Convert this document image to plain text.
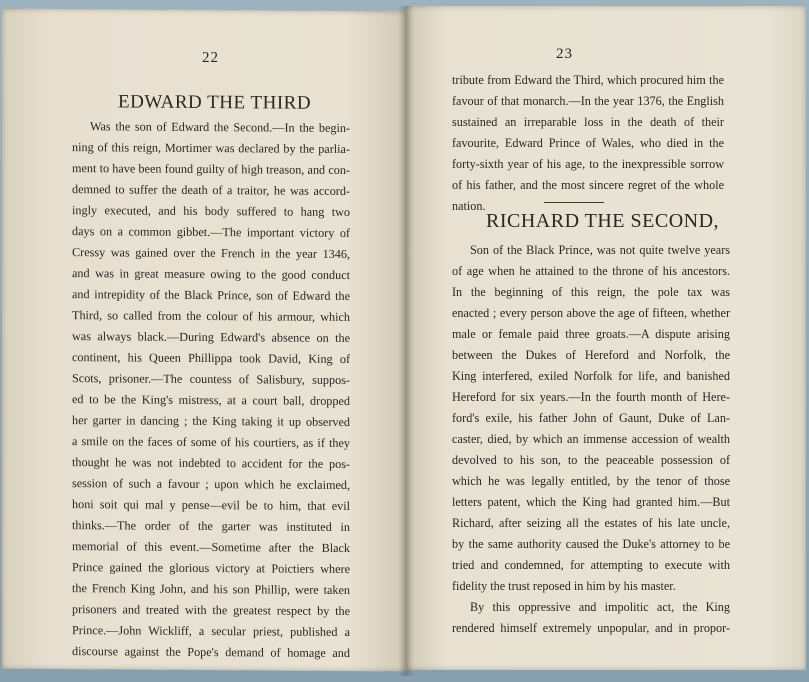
22
EDWARD THE THIRD
Was the son of Edward the Second.—In the begin-
ning of this reign, Mortimer was declared by the parlia-
ment to have been found guilty of high treason, and con-
demned to suffer the death of a traitor, he was accord-
ingly executed, and his body suffered to hang two
days on a common gibbet.—The important victory of
Cressy was gained over the French in the year 1346,
and was in great measure owing to the good conduct
and intrepidity of the Black Prince, son of Edward the
Third, so called from the colour of his armour, which
was always black.—During Edward's absence on the
continent, his Queen Phillippa took David, King of
Scots, prisoner.—The countess of Salisbury, suppos-
ed to be the King's mistress, at a court ball, dropped
her garter in dancing ; the King taking it up observed
a smile on the faces of some of his courtiers, as if they
thought he was not indebted to accident for the pos-
session of such a favour ; upon which he exclaimed,
honi soit qui mal y pense—evil be to him, that evil
thinks.—The order of the garter was instituted in
memorial of this event.—Sometime after the Black
Prince gained the glorious victory at Poictiers where
the French King John, and his son Phillip, were taken
prisoners and treated with the greatest respect by the
Prince.—John Wickliff, a secular priest, published a
discourse against the Pope's demand of homage and
23
tribute from Edward the Third, which procured him the
favour of that monarch.—In the year 1376, the English
sustained an irreparable loss in the death of their
favourite, Edward Prince of Wales, who died in the
forty-sixth year of his age, to the inexpressible sorrow
of his father, and the most sincere regret of the whole
nation.
RICHARD THE SECOND,
Son of the Black Prince, was not quite twelve years
of age when he attained to the throne of his ancestors.
In the beginning of this reign, the pole tax was
enacted ; every person above the age of fifteen, whether
male or female paid three groats.—A dispute arising
between the Dukes of Hereford and Norfolk, the
King interfered, exiled Norfolk for life, and banished
Hereford for six years.—In the fourth month of Here-
ford's exile, his father John of Gaunt, Duke of Lan-
caster, died, by which an immense accession of wealth
devolved to his son, to the peaceable possession of
which he was legally entitled, by the tenor of those
letters patent, which the King had granted him.—But
Richard, after seizing all the estates of his late uncle,
by the same authority caused the Duke's attorney to be
tried and condemned, for attempting to execute with
fidelity the trust reposed in him by his master.
By this oppressive and impolitic act, the King
rendered himself extremely unpopular, and in propor-
